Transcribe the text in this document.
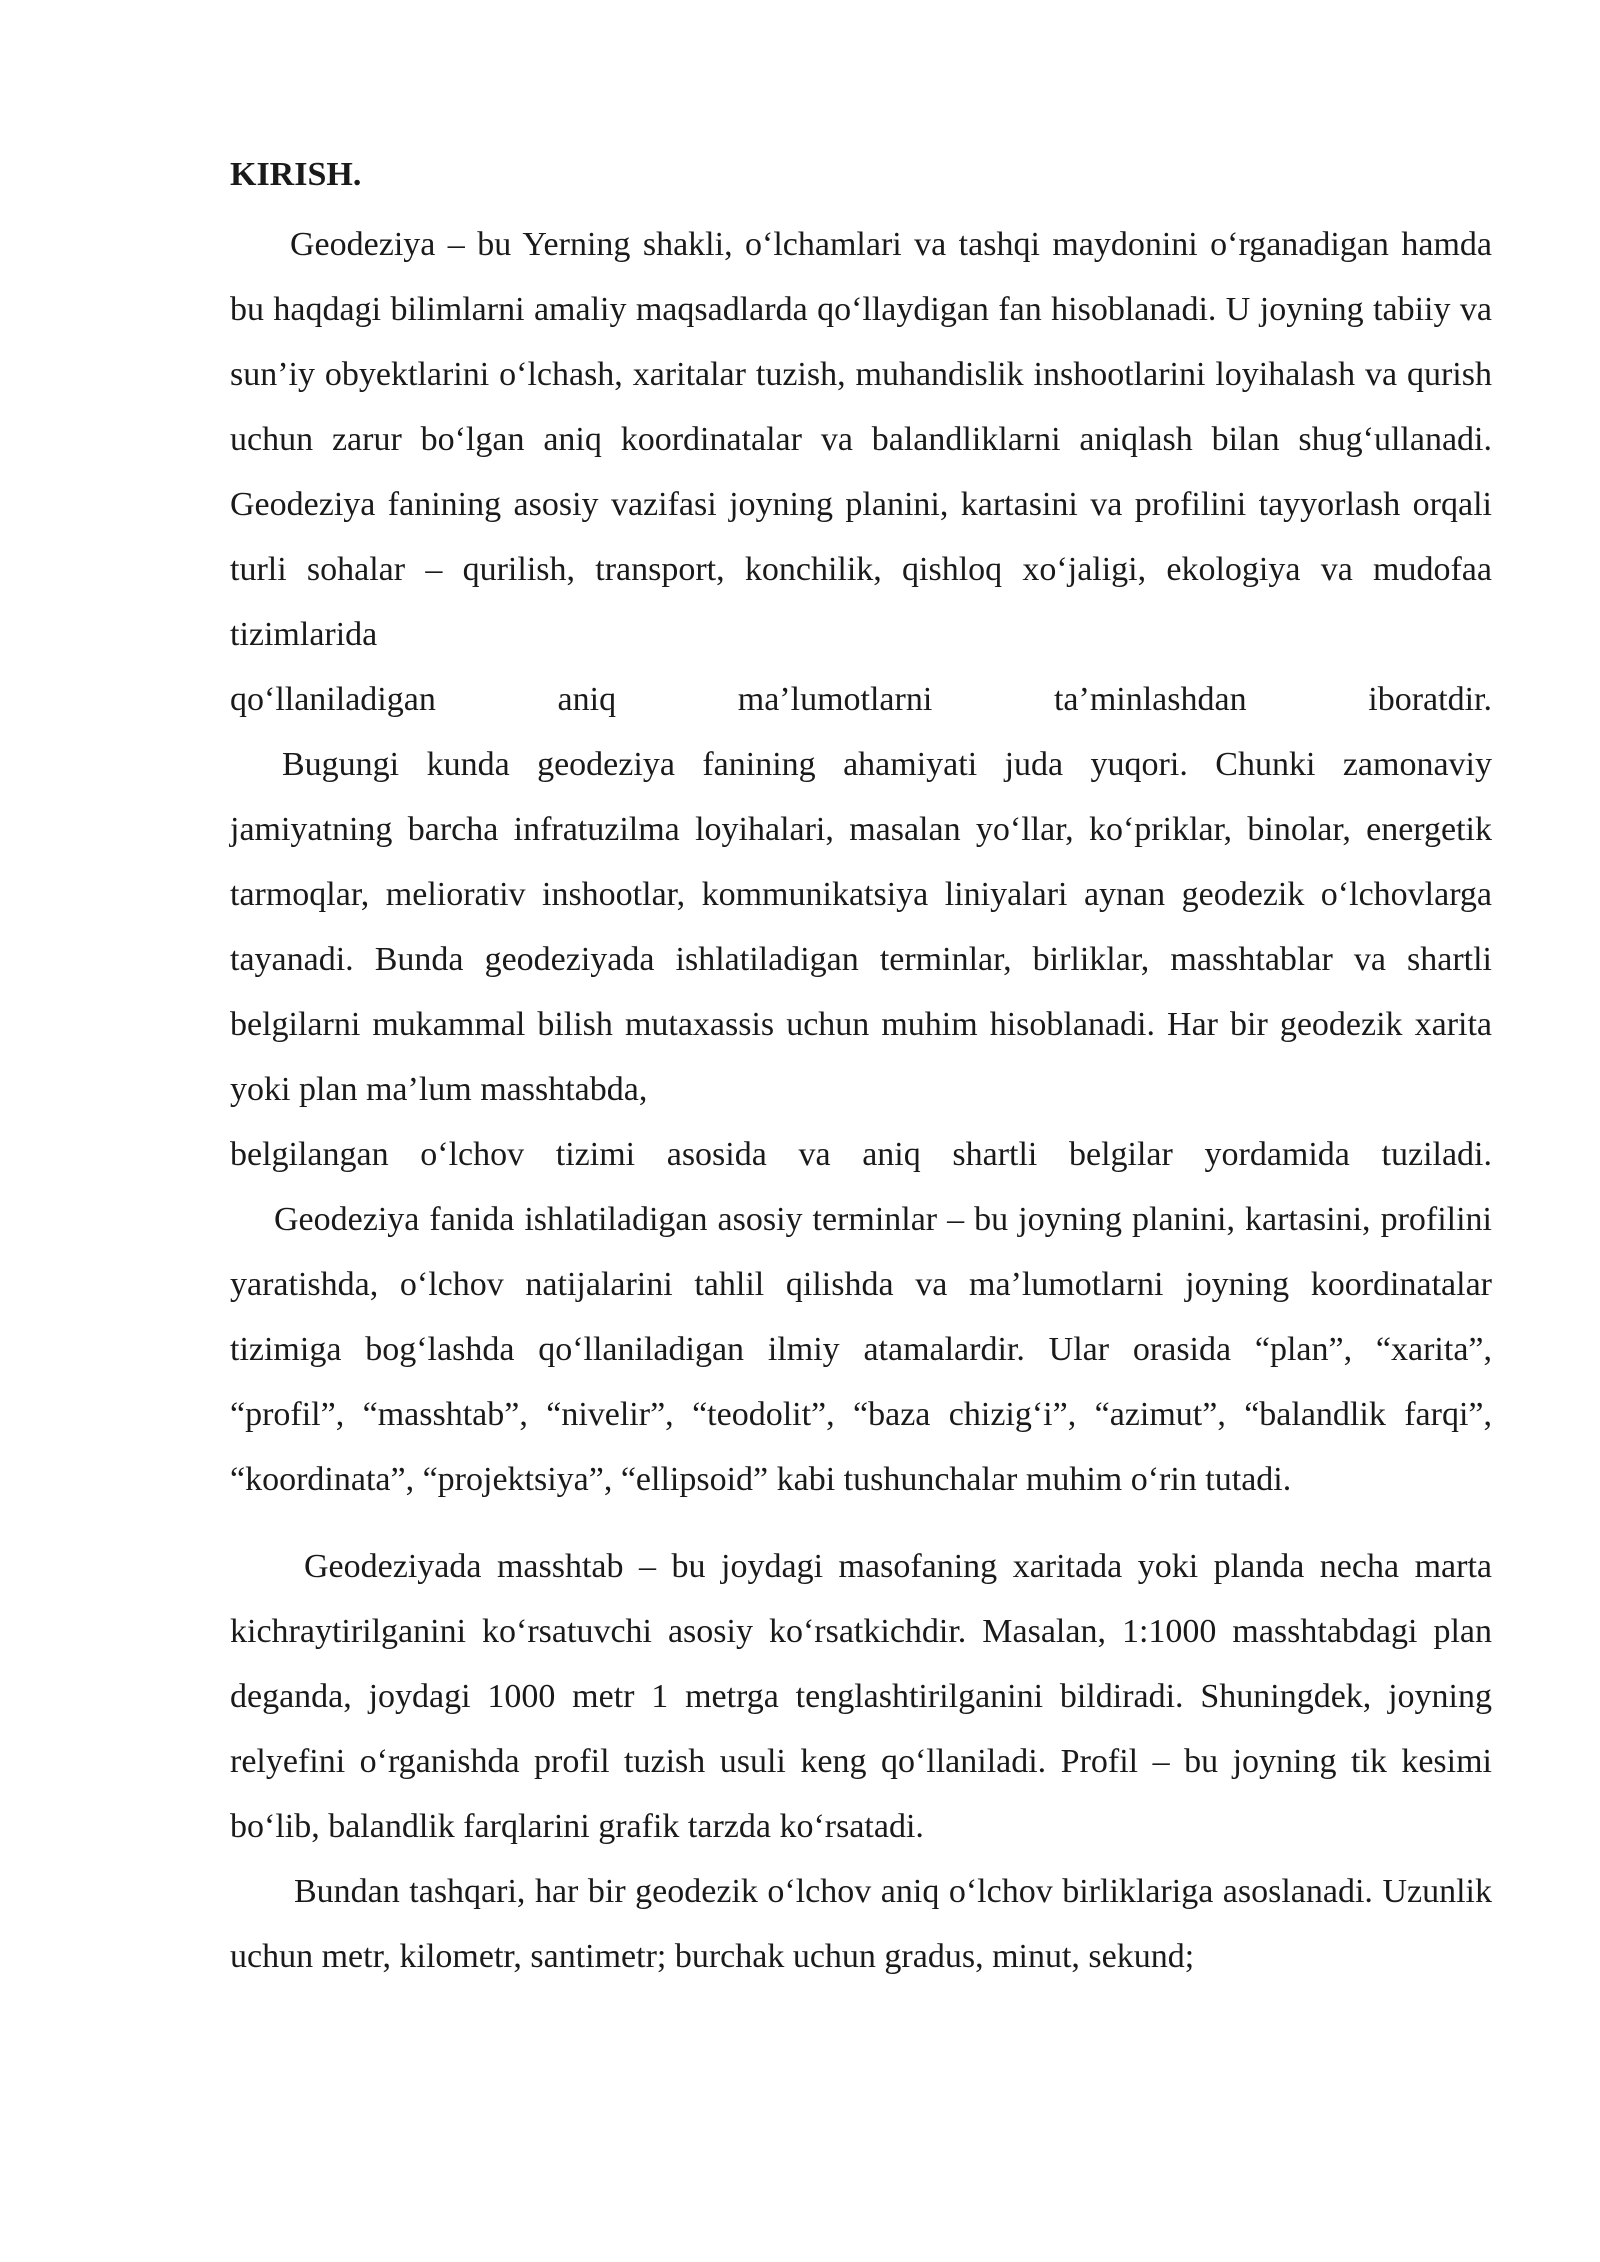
KIRISH.

Geodeziya – bu Yerning shakli, o‘lchamlari va tashqi maydonini o‘rganadigan hamda bu haqdagi bilimlarni amaliy maqsadlarda qo‘llaydigan fan hisoblanadi. U joyning tabiiy va sun’iy obyektlarini o‘lchash, xaritalar tuzish, muhandislik inshootlarini loyihalash va qurish uchun zarur bo‘lgan aniq koordinatalar va balandliklarni aniqlash bilan shug‘ullanadi. Geodeziya fanining asosiy vazifasi joyning planini, kartasini va profilini tayyorlash orqali turli sohalar – qurilish, transport, konchilik, qishloq xo‘jaligi, ekologiya va mudofaa tizimlarida

qo‘llaniladigan aniq ma’lumotlarni ta’minlashdan iboratdir.

Bugungi kunda geodeziya fanining ahamiyati juda yuqori. Chunki zamonaviy jamiyatning barcha infratuzilma loyihalari, masalan yo‘llar, ko‘priklar, binolar, energetik tarmoqlar, meliorativ inshootlar, kommunikatsiya liniyalari aynan geodezik o‘lchovlarga tayanadi. Bunda geodeziyada ishlatiladigan terminlar, birliklar, masshtablar va shartli belgilarni mukammal bilish mutaxassis uchun muhim hisoblanadi. Har bir geodezik xarita yoki plan ma’lum masshtabda,

belgilangan o‘lchov tizimi asosida va aniq shartli belgilar yordamida tuziladi.

Geodeziya fanida ishlatiladigan asosiy terminlar – bu joyning planini, kartasini, profilini yaratishda, o‘lchov natijalarini tahlil qilishda va ma’lumotlarni joyning koordinatalar tizimiga bog‘lashda qo‘llaniladigan ilmiy atamalardir. Ular orasida “plan”, “xarita”, “profil”, “masshtab”, “nivelir”, “teodolit”, “baza chizig‘i”, “azimut”, “balandlik farqi”, “koordinata”, “projektsiya”, “ellipsoid” kabi tushunchalar muhim o‘rin tutadi.

Geodeziyada masshtab – bu joydagi masofaning xaritada yoki planda necha marta kichraytirilganini ko‘rsatuvchi asosiy ko‘rsatkichdir. Masalan, 1:1000 masshtabdagi plan deganda, joydagi 1000 metr 1 metrga tenglashtirilganini bildiradi. Shuningdek, joyning relyefini o‘rganishda profil tuzish usuli keng qo‘llaniladi. Profil – bu joyning tik kesimi bo‘lib, balandlik farqlarini grafik tarzda ko‘rsatadi.

Bundan tashqari, har bir geodezik o‘lchov aniq o‘lchov birliklariga asoslanadi. Uzunlik uchun metr, kilometr, santimetr; burchak uchun gradus, minut, sekund;
